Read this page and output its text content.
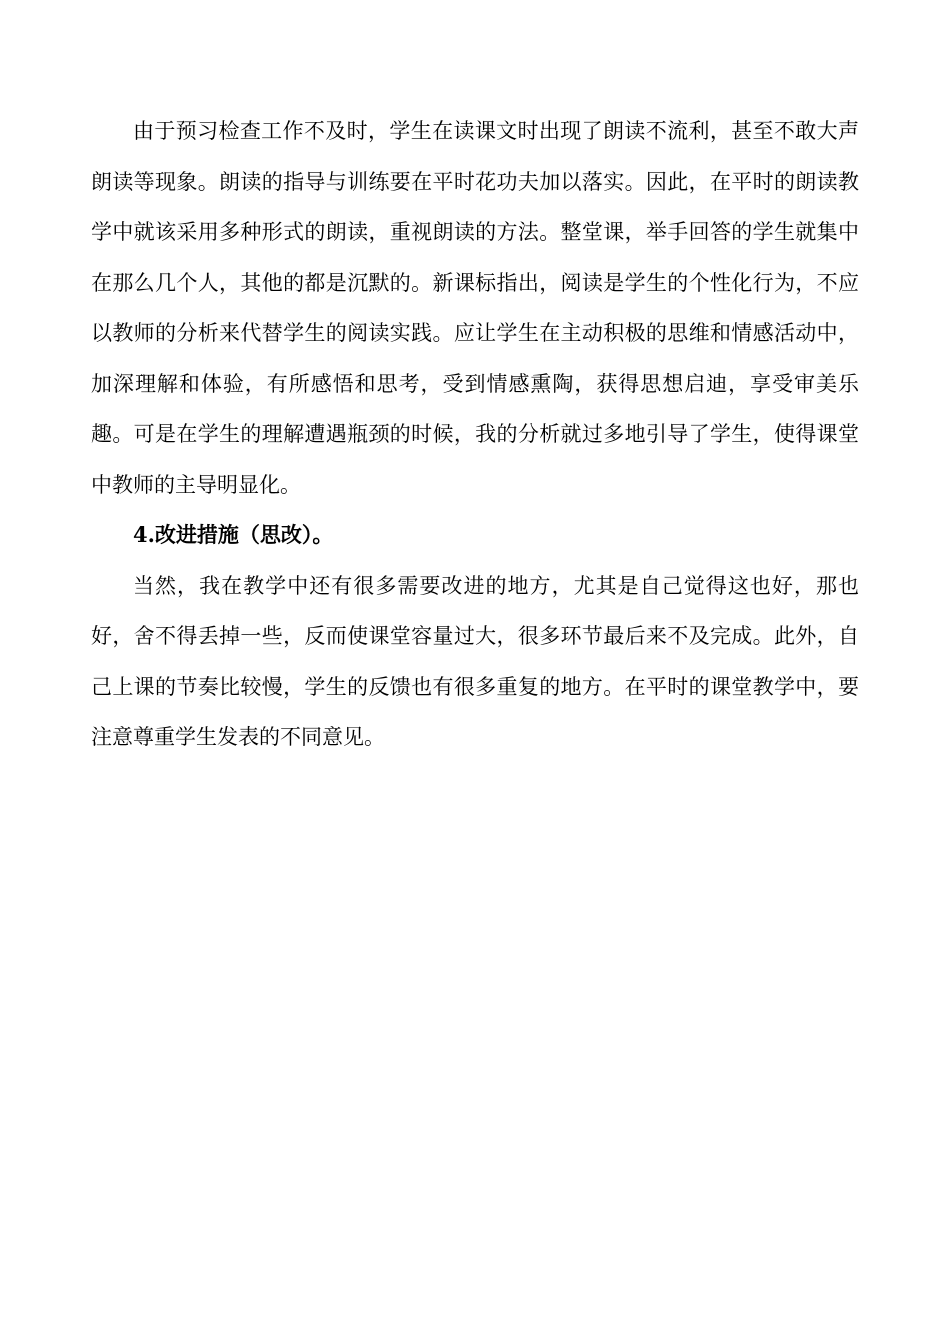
由于预习检查工作不及时，学生在读课文时出现了朗读不流利，甚至不敢大声朗读等现象。朗读的指导与训练要在平时花功夫加以落实。因此，在平时的朗读教学中就该采用多种形式的朗读，重视朗读的方法。整堂课，举手回答的学生就集中在那么几个人，其他的都是沉默的。新课标指出，阅读是学生的个性化行为，不应以教师的分析来代替学生的阅读实践。应让学生在主动积极的思维和情感活动中，加深理解和体验，有所感悟和思考，受到情感熏陶，获得思想启迪，享受审美乐趣。可是在学生的理解遭遇瓶颈的时候，我的分析就过多地引导了学生，使得课堂中教师的主导明显化。

4.改进措施（思改）。

当然，我在教学中还有很多需要改进的地方，尤其是自己觉得这也好，那也好，舍不得丢掉一些，反而使课堂容量过大，很多环节最后来不及完成。此外，自己上课的节奏比较慢，学生的反馈也有很多重复的地方。在平时的课堂教学中，要注意尊重学生发表的不同意见。
